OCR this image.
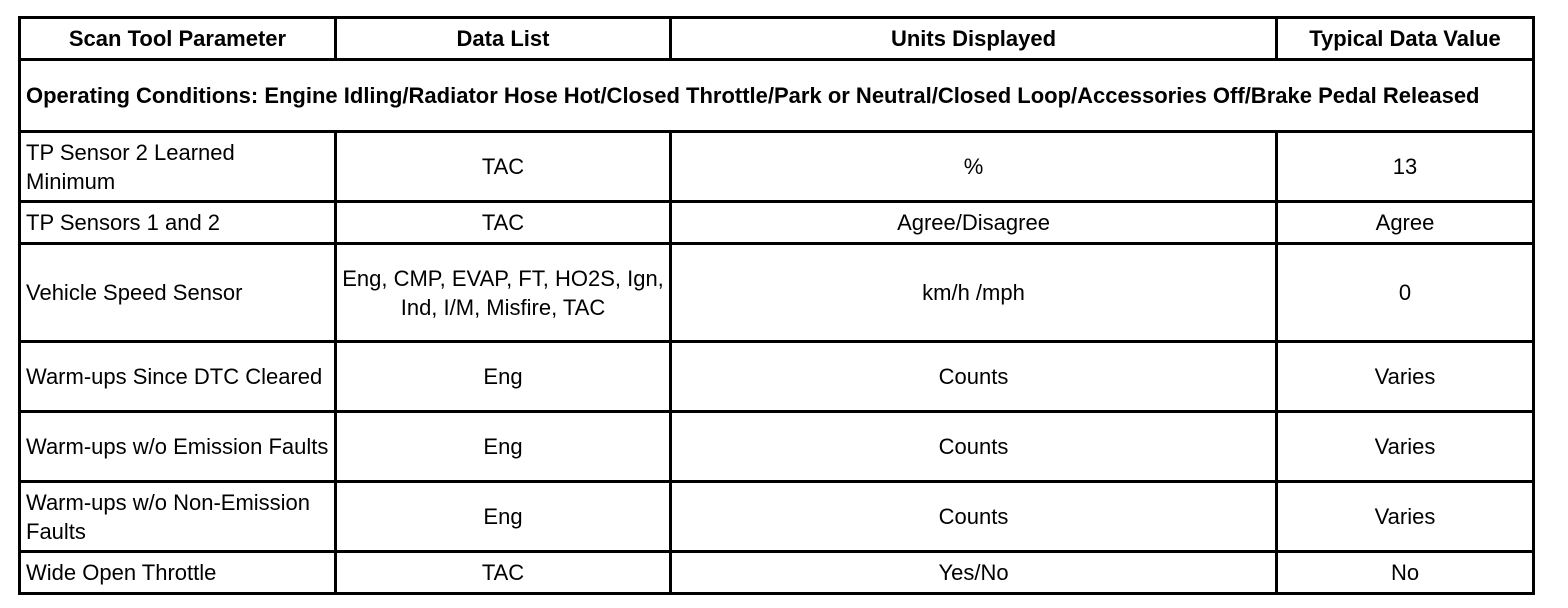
Scan Tool Parameter	Data List	Units Displayed	Typical Data Value
Operating Conditions: Engine Idling/Radiator Hose Hot/Closed Throttle/Park or Neutral/Closed Loop/Accessories Off/Brake Pedal Released			
TP Sensor 2 Learned Minimum	TAC	%	13
TP Sensors 1 and 2	TAC	Agree/Disagree	Agree
Vehicle Speed Sensor	Eng, CMP, EVAP, FT, HO2S, Ign, Ind, I/M, Misfire, TAC	km/h /mph	0
Warm-ups Since DTC Cleared	Eng	Counts	Varies
Warm-ups w/o Emission Faults	Eng	Counts	Varies
Warm-ups w/o Non-Emission Faults	Eng	Counts	Varies
Wide Open Throttle	TAC	Yes/No	No
